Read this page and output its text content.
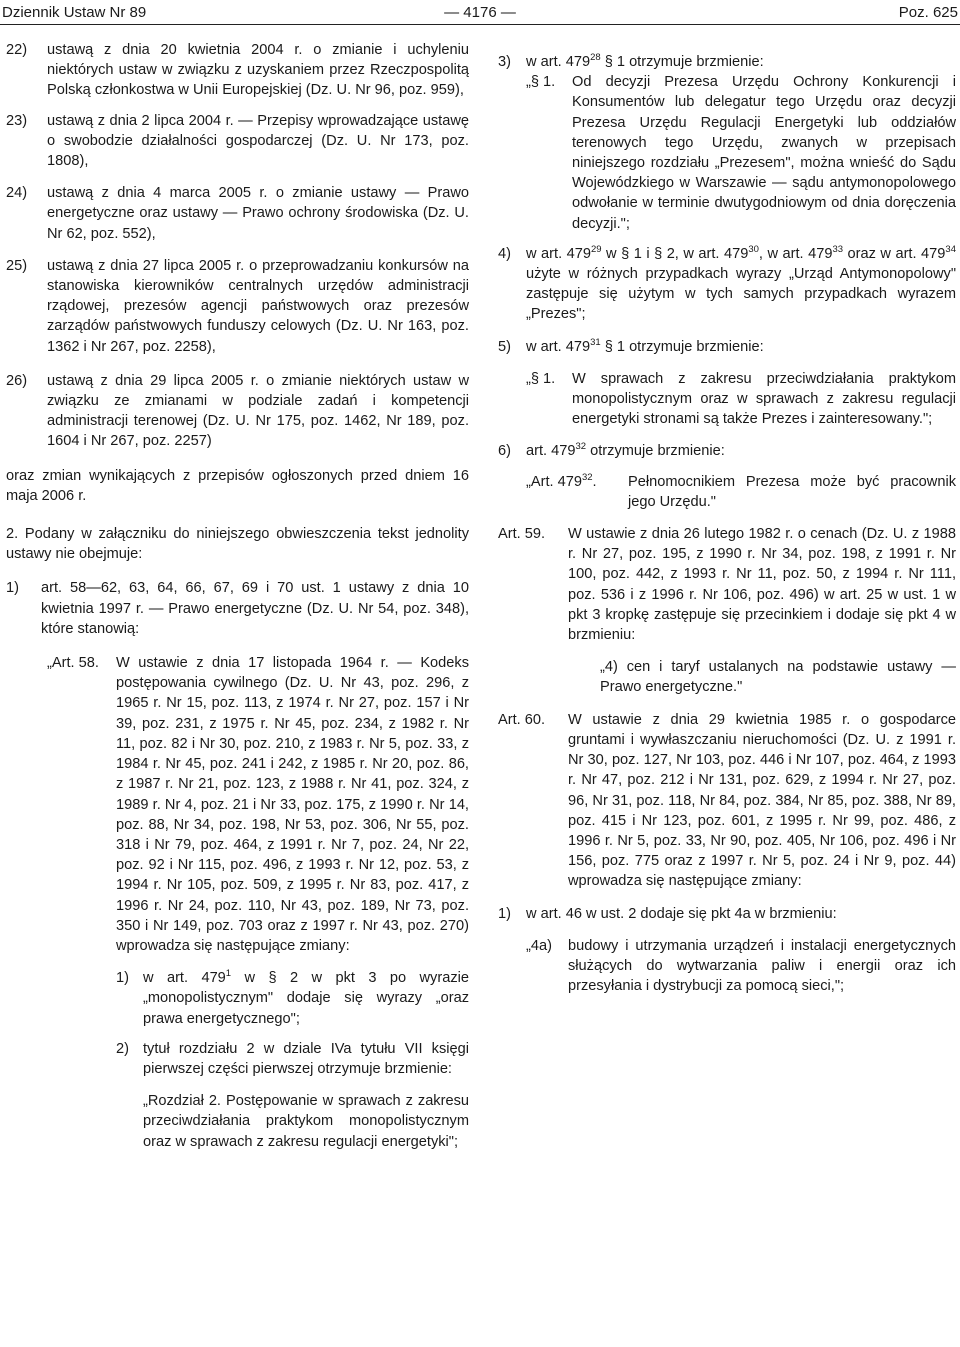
Dziennik Ustaw Nr 89	— 4176 —	Poz. 625
22)	ustawą z dnia 20 kwietnia 2004 r. o zmianie i uchyleniu niektórych ustaw w związku z uzyskaniem przez Rzeczpospolitą Polską członkostwa w Unii Europejskiej (Dz. U. Nr 96, poz. 959),
23)	ustawą z dnia 2 lipca 2004 r. — Przepisy wprowadzające ustawę o swobodzie działalności gospodarczej (Dz. U. Nr 173, poz. 1808),
24)	ustawą z dnia 4 marca 2005 r. o zmianie ustawy — Prawo energetyczne oraz ustawy — Prawo ochrony środowiska (Dz. U. Nr 62, poz. 552),
25)	ustawą z dnia 27 lipca 2005 r. o przeprowadzaniu konkursów na stanowiska kierowników centralnych urzędów administracji rządowej, prezesów agencji państwowych oraz prezesów zarządów państwowych funduszy celowych (Dz. U. Nr 163, poz. 1362 i Nr 267, poz. 2258),
26)	ustawą z dnia 29 lipca 2005 r. o zmianie niektórych ustaw w związku ze zmianami w podziale zadań i kompetencji administracji terenowej (Dz. U. Nr 175, poz. 1462, Nr 189, poz. 1604 i Nr 267, poz. 2257)

oraz zmian wynikających z przepisów ogłoszonych przed dniem 16 maja 2006 r.

2. Podany w załączniku do niniejszego obwieszczenia tekst jednolity ustawy nie obejmuje:

1)	art. 58—62, 63, 64, 66, 67, 69 i 70 ust. 1 ustawy z dnia 10 kwietnia 1997 r. — Prawo energetyczne (Dz. U. Nr 54, poz. 348), które stanowią:
„Art. 58.	W ustawie z dnia 17 listopada 1964 r. — Kodeks postępowania cywilnego (Dz. U. Nr 43, poz. 296, z 1965 r. Nr 15, poz. 113, z 1974 r. Nr 27, poz. 157 i Nr 39, poz. 231, z 1975 r. Nr 45, poz. 234, z 1982 r. Nr 11, poz. 82 i Nr 30, poz. 210, z 1983 r. Nr 5, poz. 33, z 1984 r. Nr 45, poz. 241 i 242, z 1985 r. Nr 20, poz. 86, z 1987 r. Nr 21, poz. 123, z 1988 r. Nr 41, poz. 324, z 1989 r. Nr 4, poz. 21 i Nr 33, poz. 175, z 1990 r. Nr 14, poz. 88, Nr 34, poz. 198, Nr 53, poz. 306, Nr 55, poz. 318 i Nr 79, poz. 464, z 1991 r. Nr 7, poz. 24, Nr 22, poz. 92 i Nr 115, poz. 496, z 1993 r. Nr 12, poz. 53, z 1994 r. Nr 105, poz. 509, z 1995 r. Nr 83, poz. 417, z 1996 r. Nr 24, poz. 110, Nr 43, poz. 189, Nr 73, poz. 350 i Nr 149, poz. 703 oraz z 1997 r. Nr 43, poz. 270) wprowadza się następujące zmiany:
1) w art. $479^1$ w § 2 w pkt 3 po wyrazie „monopolistycznym" dodaje się wyrazy „oraz prawa energetycznego";
2) tytuł rozdziału 2 w dziale IVa tytułu VII księgi pierwszej części pierwszej otrzymuje brzmienie:

„Rozdział 2. Postępowanie w sprawach z zakresu przeciwdziałania praktykom monopolistycznym oraz w sprawach z zakresu regulacji energetyki";

3)	w art. $479^{28}$ § 1 otrzymuje brzmienie:
„§ 1.	Od decyzji Prezesa Urzędu Ochrony Konkurencji i Konsumentów lub delegatur tego Urzędu oraz decyzji Prezesa Urzędu Regulacji Energetyki lub oddziałów terenowych tego Urzędu, zwanych w przepisach niniejszego rozdziału „Prezesem", można wnieść do Sądu Wojewódzkiego w Warszawie — sądu antymonopolowego odwołanie w terminie dwutygodniowym od dnia doręczenia decyzji.";
4)	w art. $479^{29}$ w § 1 i § 2, w art. $479^{30}$, w art. $479^{33}$ oraz w art. $479^{34}$ użyte w różnych przypadkach wyrazy „Urząd Antymonopolowy" zastępuje się użytym w tych samych przypadkach wyrazem „Prezes";
5)	w art. $479^{31}$ § 1 otrzymuje brzmienie:
„§ 1.	W sprawach z zakresu przeciwdziałania praktykom monopolistycznym oraz w sprawach z zakresu regulacji energetyki stronami są także Prezes i zainteresowany.";
6)	art. $479^{32}$ otrzymuje brzmienie:
„Art. $479^{32}$.	Pełnomocnikiem Prezesa może być pracownik jego Urzędu."
Art. 59.	W ustawie z dnia 26 lutego 1982 r. o cenach (Dz. U. z 1988 r. Nr 27, poz. 195, z 1990 r. Nr 34, poz. 198, z 1991 r. Nr 100, poz. 442, z 1993 r. Nr 11, poz. 50, z 1994 r. Nr 111, poz. 536 i z 1996 r. Nr 106, poz. 496) w art. 25 w ust. 1 w pkt 3 kropkę zastępuje się przecinkiem i dodaje się pkt 4 w brzmieniu:

„4) cen i taryf ustalanych na podstawie ustawy — Prawo energetyczne."

Art. 60.	W ustawie z dnia 29 kwietnia 1985 r. o gospodarce gruntami i wywłaszczaniu nieruchomości (Dz. U. z 1991 r. Nr 30, poz. 127, Nr 103, poz. 446 i Nr 107, poz. 464, z 1993 r. Nr 47, poz. 212 i Nr 131, poz. 629, z 1994 r. Nr 27, poz. 96, Nr 31, poz. 118, Nr 84, poz. 384, Nr 85, poz. 388, Nr 89, poz. 415 i Nr 123, poz. 601, z 1995 r. Nr 99, poz. 486, z 1996 r. Nr 5, poz. 33, Nr 90, poz. 405, Nr 106, poz. 496 i Nr 156, poz. 775 oraz z 1997 r. Nr 5, poz. 24 i Nr 9, poz. 44) wprowadza się następujące zmiany:
1)	w art. 46 w ust. 2 dodaje się pkt 4a w brzmieniu:
„4a)	budowy i utrzymania urządzeń i instalacji energetycznych służących do wytwarzania paliw i energii oraz ich przesyłania i dystrybucji za pomocą sieci,";
